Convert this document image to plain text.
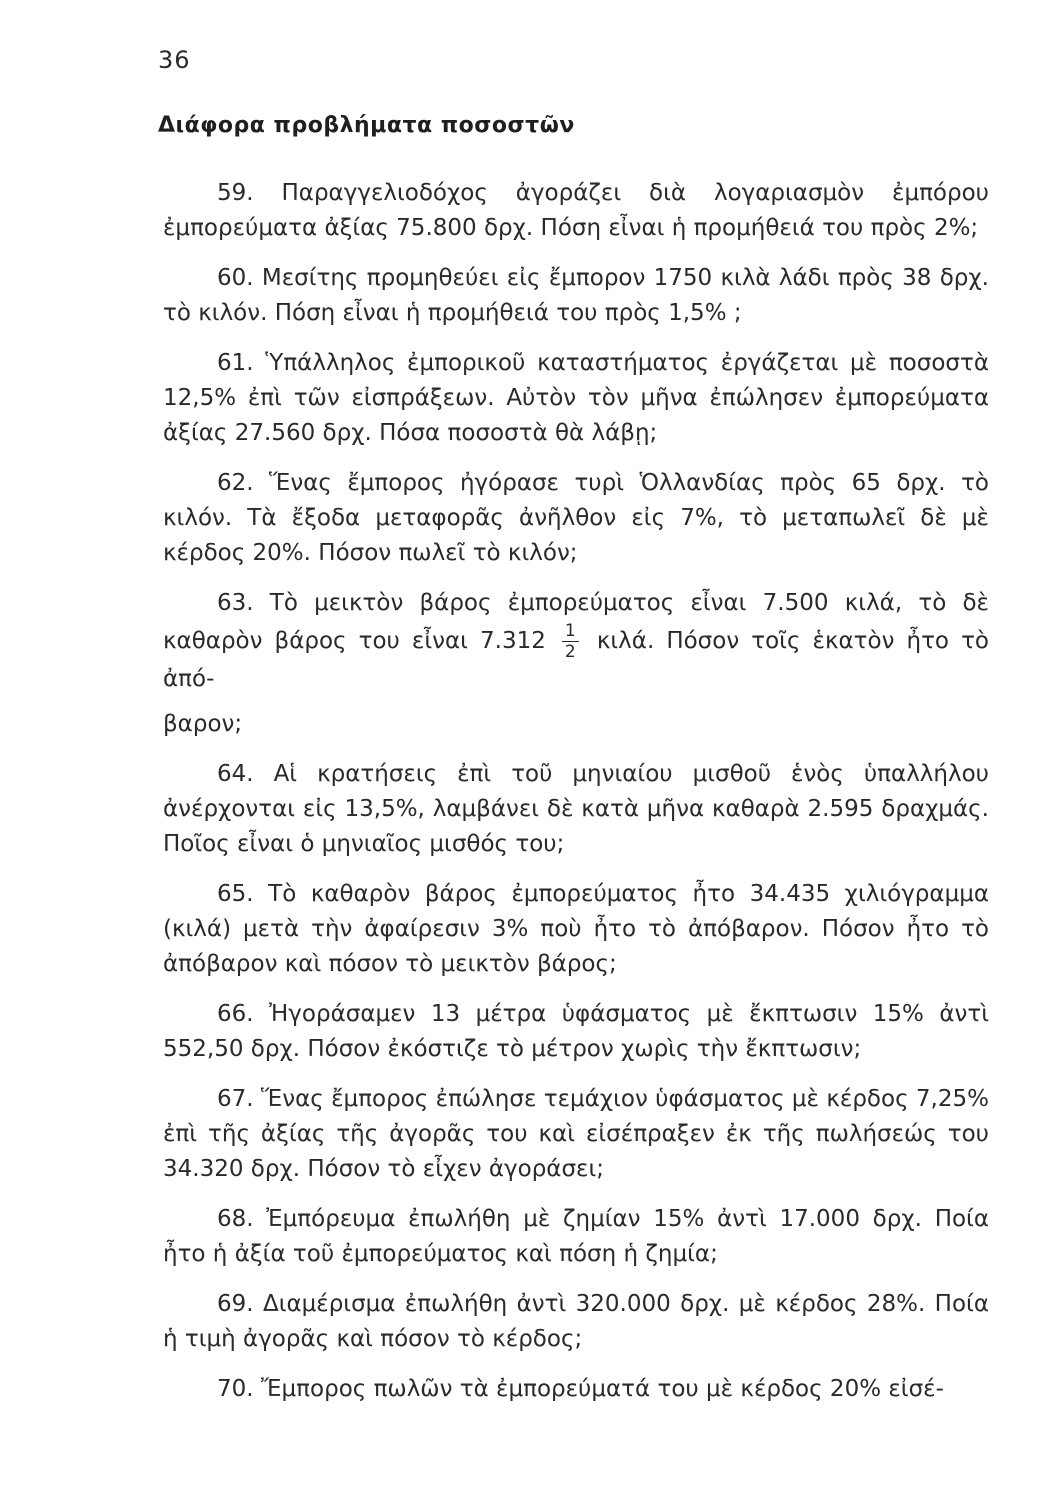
36
Διάφορα προβλήματα ποσοστῶν

59. Παραγγελιοδόχος ἀγοράζει διὰ λογαριασμὸν ἐμπόρου ἐμπορεύματα ἀξίας 75.800 δρχ. Πόση εἶναι ἡ προμήθειά του πρὸς 2%;

60. Μεσίτης προμηθεύει εἰς ἔμπορον 1750 κιλὰ λάδι πρὸς 38 δρχ. τὸ κιλόν. Πόση εἶναι ἡ προμήθειά του πρὸς 1,5% ;

61. Ὑπάλληλος ἐμπορικοῦ καταστήματος ἐργάζεται μὲ ποσοστὰ 12,5% ἐπὶ τῶν εἰσπράξεων. Αὐτὸν τὸν μῆνα ἐπώλησεν ἐμπορεύματα ἀξίας 27.560 δρχ. Πόσα ποσοστὰ θὰ λάβῃ;

62. Ἕνας ἔμπορος ἠγόρασε τυρὶ Ὁλλανδίας πρὸς 65 δρχ. τὸ κιλόν. Τὰ ἔξοδα μεταφορᾶς ἀνῆλθον εἰς 7%, τὸ μεταπωλεῖ δὲ μὲ κέρδος 20%. Πόσον πωλεῖ τὸ κιλόν;

63. Τὸ μεικτὸν βάρος ἐμπορεύματος εἶναι 7.500 κιλά, τὸ δὲ καθαρὸν βάρος του εἶναι $7.312 \frac{1}{2} \kappa\iota\lambda ά$. Πόσον τοῖς ἑκατὸν ἦτο τὸ ἀπό-
βαρον;

64. Αἱ κρατήσεις ἐπὶ τοῦ μηνιαίου μισθοῦ ἑνὸς ὑπαλλήλου ἀνέρχονται εἰς 13,5%, λαμβάνει δὲ κατὰ μῆνα καθαρὰ 2.595 δραχμάς. Ποῖος εἶναι ὁ μηνιαῖος μισθός του;

65. Τὸ καθαρὸν βάρος ἐμπορεύματος ἦτο 34.435 χιλιόγραμμα (κιλά) μετὰ τὴν ἀφαίρεσιν 3% ποὺ ἦτο τὸ ἀπόβαρον. Πόσον ἦτο τὸ ἀπόβαρον καὶ πόσον τὸ μεικτὸν βάρος;

66. Ἠγοράσαμεν 13 μέτρα ὑφάσματος μὲ ἔκπτωσιν 15% ἀντὶ 552,50 δρχ. Πόσον ἐκόστιζε τὸ μέτρον χωρὶς τὴν ἔκπτωσιν;

67. Ἕνας ἔμπορος ἐπώλησε τεμάχιον ὑφάσματος μὲ κέρδος 7,25% ἐπὶ τῆς ἀξίας τῆς ἀγορᾶς του καὶ εἰσέπραξεν ἐκ τῆς πωλήσεώς του 34.320 δρχ. Πόσον τὸ εἶχεν ἀγοράσει;

68. Ἐμπόρευμα ἐπωλήθη μὲ ζημίαν 15% ἀντὶ 17.000 δρχ. Ποία ἦτο ἡ ἀξία τοῦ ἐμπορεύματος καὶ πόση ἡ ζημία;

69. Διαμέρισμα ἐπωλήθη ἀντὶ 320.000 δρχ. μὲ κέρδος 28%. Ποία ἡ τιμὴ ἀγορᾶς καὶ πόσον τὸ κέρδος;

70. Ἔμπορος πωλῶν τὰ ἐμπορεύματά του μὲ κέρδος 20% εἰσέ-
